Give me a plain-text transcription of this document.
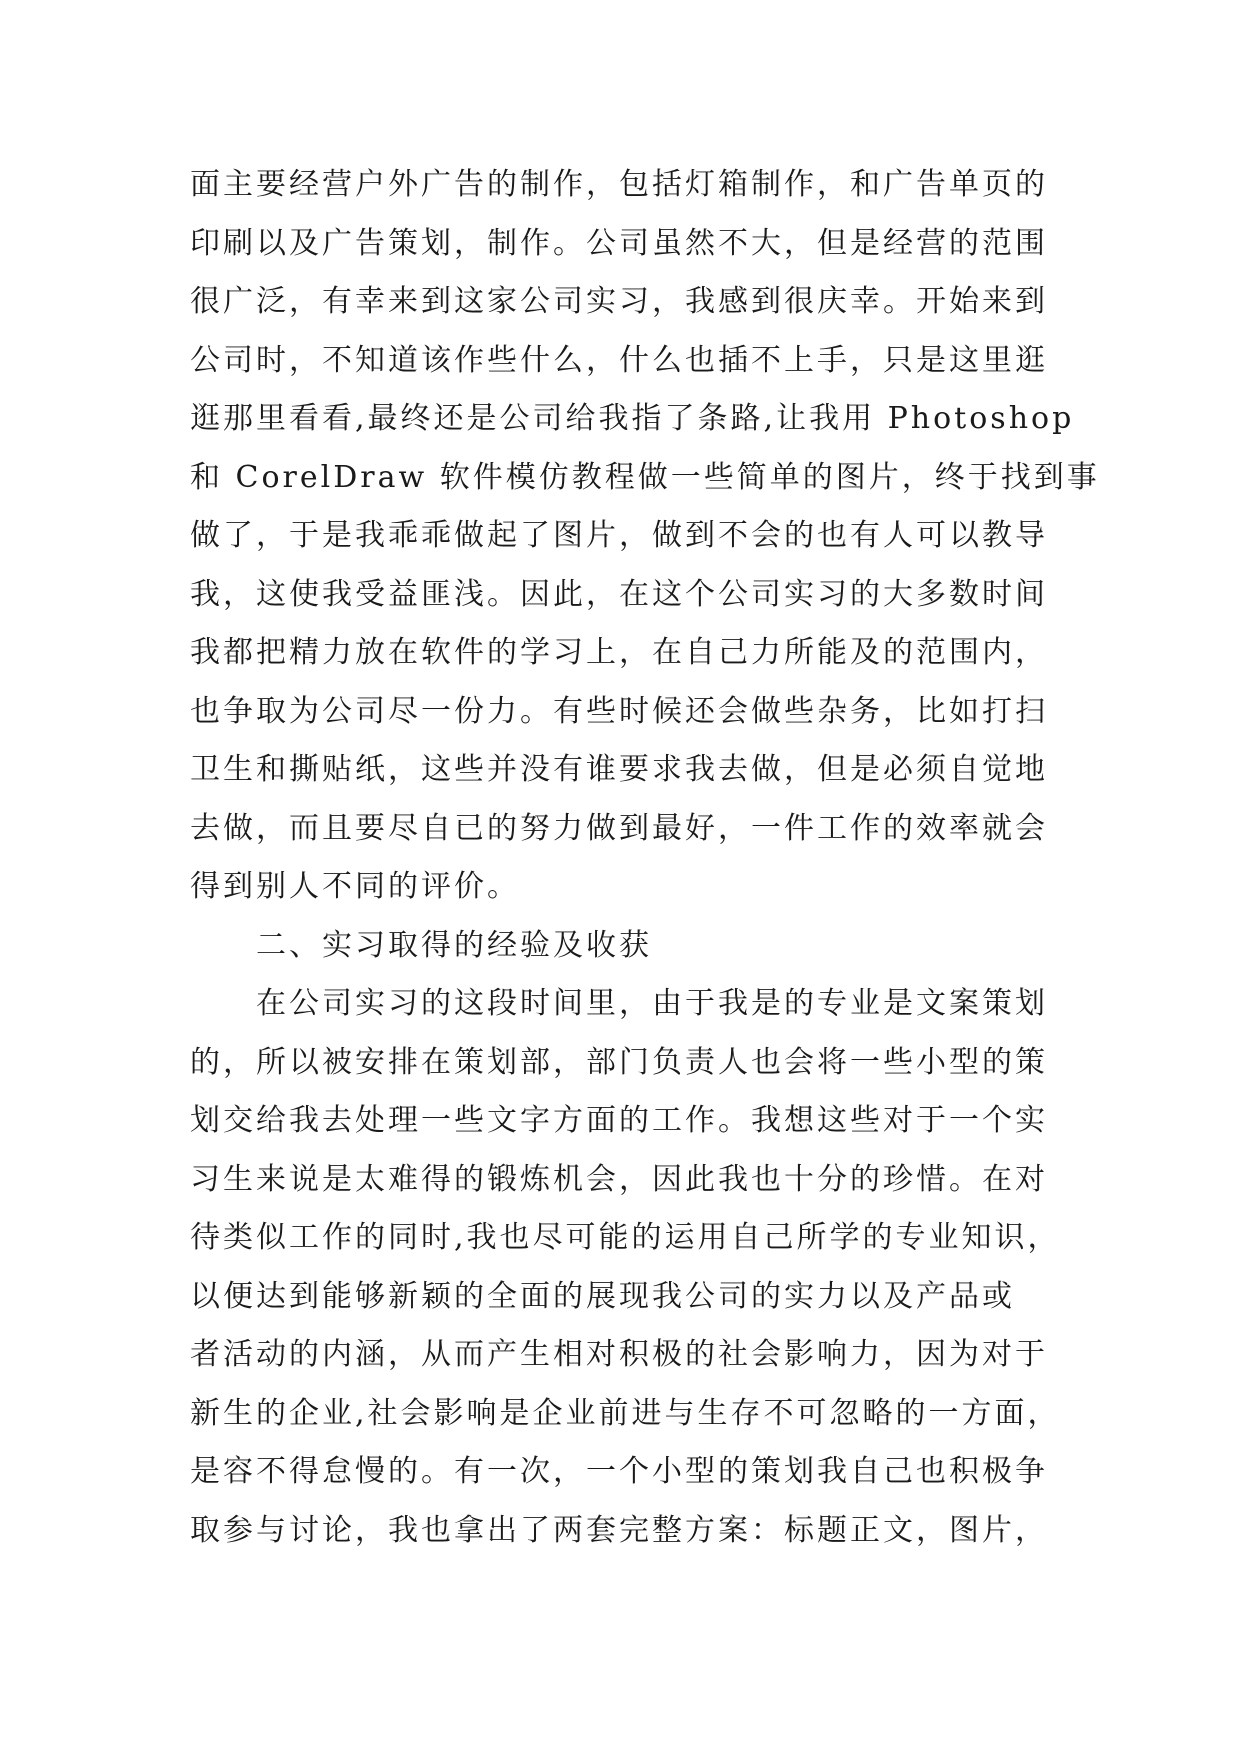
面主要经营户外广告的制作，包括灯箱制作，和广告单页的
印刷以及广告策划，制作。公司虽然不大，但是经营的范围
很广泛，有幸来到这家公司实习，我感到很庆幸。开始来到
公司时，不知道该作些什么，什么也插不上手，只是这里逛
逛那里看看,最终还是公司给我指了条路,让我用 Photoshop
和 CorelDraw 软件模仿教程做一些简单的图片，终于找到事
做了，于是我乖乖做起了图片，做到不会的也有人可以教导
我，这使我受益匪浅。因此，在这个公司实习的大多数时间
我都把精力放在软件的学习上，在自己力所能及的范围内，
也争取为公司尽一份力。有些时候还会做些杂务，比如打扫
卫生和撕贴纸，这些并没有谁要求我去做，但是必须自觉地
去做，而且要尽自已的努力做到最好，一件工作的效率就会
得到别人不同的评价。
二、实习取得的经验及收获
在公司实习的这段时间里，由于我是的专业是文案策划
的，所以被安排在策划部，部门负责人也会将一些小型的策
划交给我去处理一些文字方面的工作。我想这些对于一个实
习生来说是太难得的锻炼机会，因此我也十分的珍惜。在对
待类似工作的同时,我也尽可能的运用自己所学的专业知识，
以便达到能够新颖的全面的展现我公司的实力以及产品或
者活动的内涵，从而产生相对积极的社会影响力，因为对于
新生的企业,社会影响是企业前进与生存不可忽略的一方面，
是容不得怠慢的。有一次，一个小型的策划我自己也积极争
取参与讨论，我也拿出了两套完整方案：标题正文，图片，
